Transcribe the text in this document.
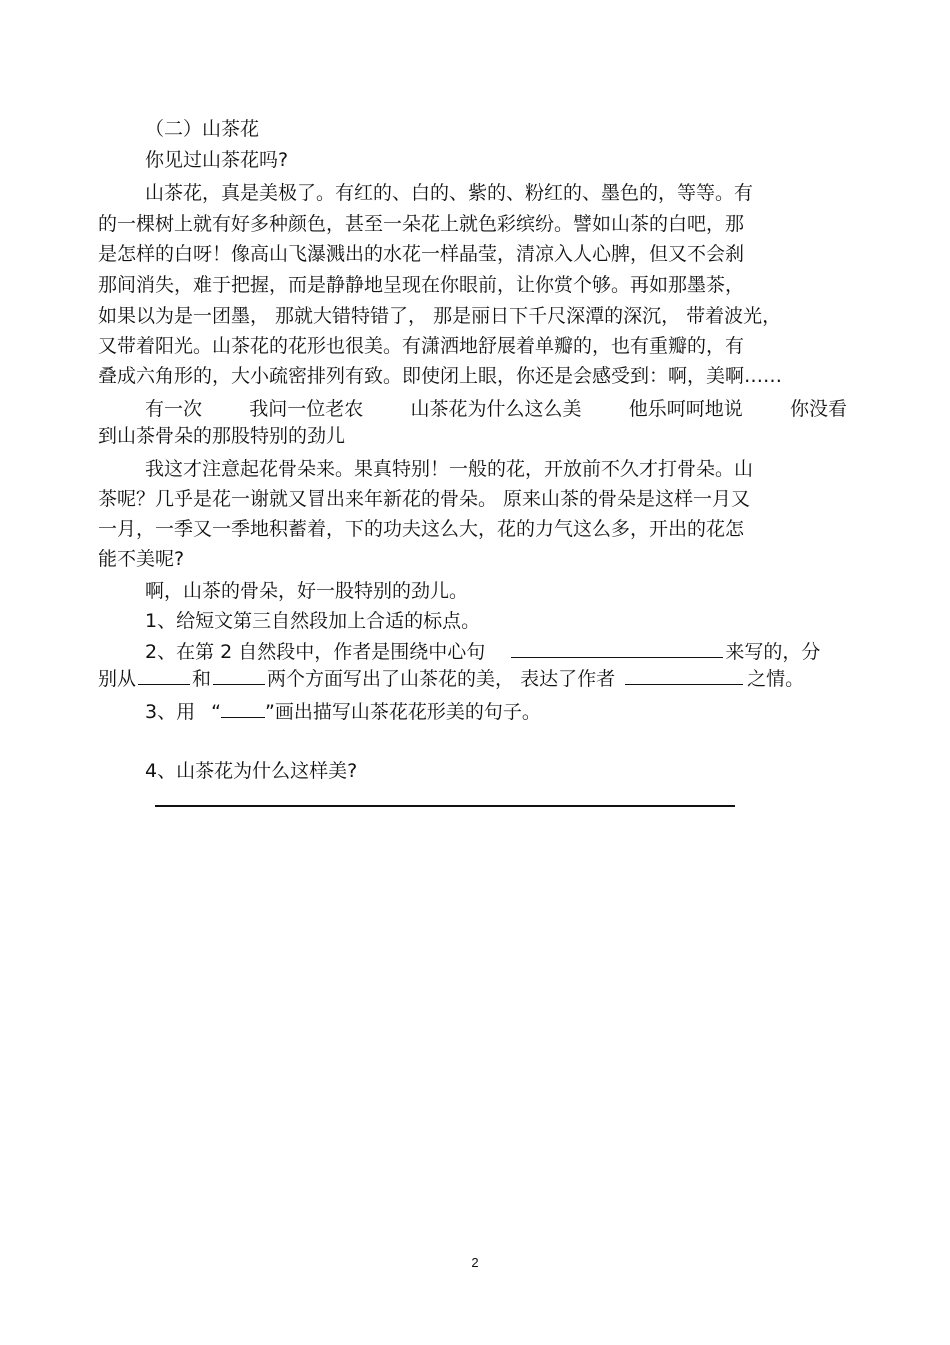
（二）山茶花
你见过山茶花吗?
山茶花，真是美极了。有红的、白的、紫的、粉红的、墨色的，等等。有
的一棵树上就有好多种颜色，甚至一朵花上就色彩缤纷。譬如山茶的白吧，那
是怎样的白呀！像高山飞瀑溅出的水花一样晶莹，清凉入人心脾，但又不会刹
那间消失，难于把握，而是静静地呈现在你眼前，让你赏个够。再如那墨茶，
如果以为是一团墨， 那就大错特错了， 那是丽日下千尺深潭的深沉， 带着波光，
又带着阳光。山茶花的花形也很美。有潇洒地舒展着单瓣的，也有重瓣的，有
叠成六角形的，大小疏密排列有致。即使闭上眼，你还是会感受到：啊，美啊……
有一次 我问一位老农 山茶花为什么这么美 他乐呵呵地说 你没看
到山茶骨朵的那股特别的劲儿
我这才注意起花骨朵来。果真特别！一般的花，开放前不久才打骨朵。山
茶呢？几乎是花一谢就又冒出来年新花的骨朵。 原来山茶的骨朵是这样一月又
一月，一季又一季地积蓄着，下的功夫这么大，花的力气这么多，开出的花怎
能不美呢?
啊，山茶的骨朵，好一股特别的劲儿。
1、给短文第三自然段加上合适的标点。
2、在第 2 自然段中，作者是围绕中心句	来写的，分
别从	和	两个方面写出了山茶花的美， 表达了作者	之情。
3、用 “ ”画出描写山茶花花形美的句子。
4、山茶花为什么这样美?
2
